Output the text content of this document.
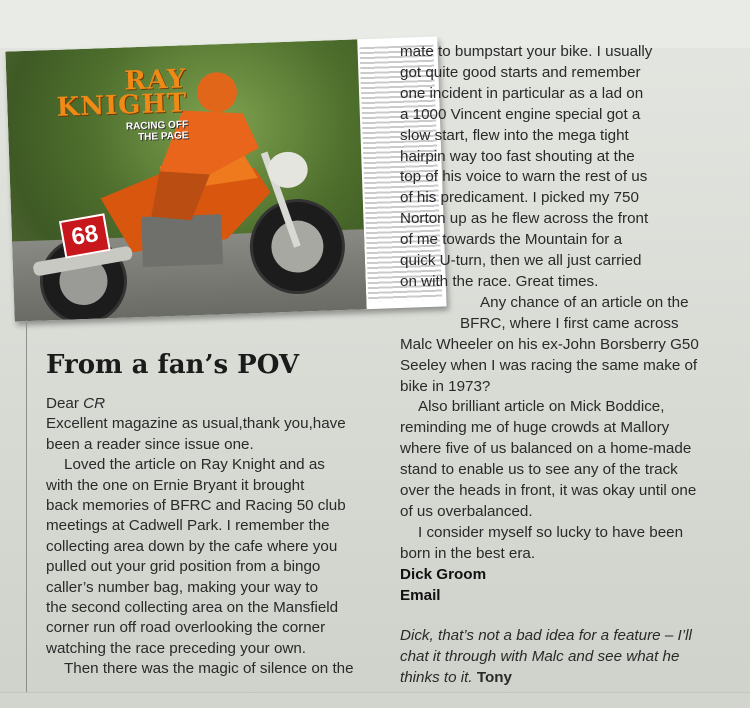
68
RAY
KNIGHT
RACING OFF
THE PAGE
From a fan’s POV

Dear CR

Excellent magazine as usual,thank you,have
been a reader since issue one.
Loved the article on Ray Knight and as
with the one on Ernie Bryant it brought
back memories of BFRC and Racing 50 club
meetings at Cadwell Park. I remember the
collecting area down by the cafe where you
pulled out your grid position from a bingo
caller’s number bag, making your way to
the second collecting area on the Mansfield
corner run off road overlooking the corner
watching the race preceding your own.
Then there was the magic of silence on the
mate to bumpstart your bike. I usually
got quite good starts and remember
one incident in particular as a lad on
a 1000 Vincent engine special got a
slow start, flew into the mega tight
hairpin way too fast shouting at the
top of his voice to warn the rest of us
of his predicament. I picked my 750
Norton up as he flew across the front
of me towards the Mountain for a
quick U-turn, then we all just carried
on with the race. Great times.
Any chance of an article on the
BFRC, where I first came across
Malc Wheeler on his ex-John Borsberry G50
Seeley when I was racing the same make of
bike in 1973?
Also brilliant article on Mick Boddice,
reminding me of huge crowds at Mallory
where five of us balanced on a home-made
stand to enable us to see any of the track
over the heads in front, it was okay until one
of us overbalanced.
I consider myself so lucky to have been
born in the best era.
Dick Groom
Email
Dick, that’s not a bad idea for a feature – I’ll
chat it through with Malc and see what he
thinks to it. Tony
